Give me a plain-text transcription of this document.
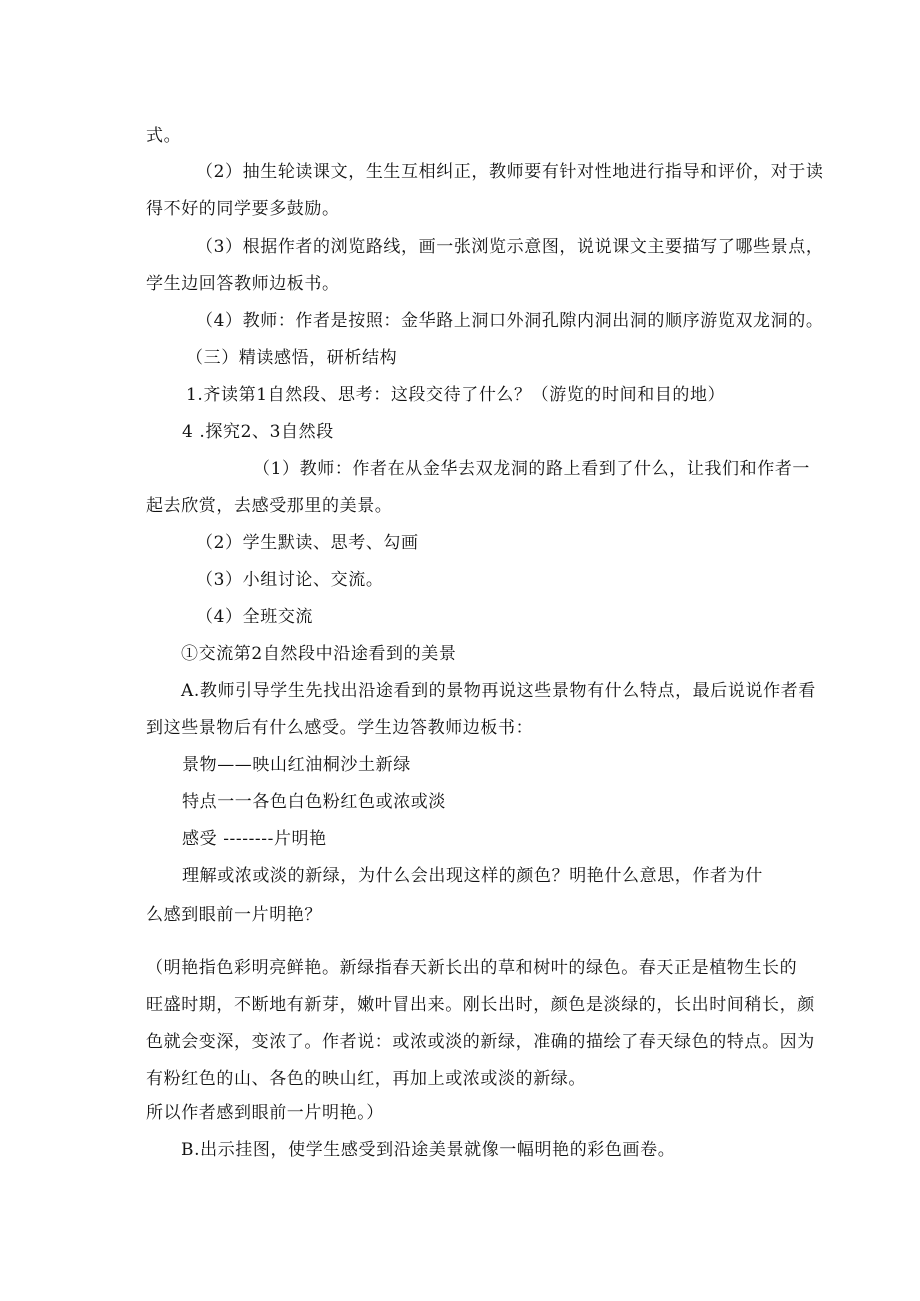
式。
（2）抽生轮读课文，生生互相纠正，教师要有针对性地进行指导和评价，对于读
得不好的同学要多鼓励。
（3）根据作者的浏览路线，画一张浏览示意图，说说课文主要描写了哪些景点，
学生边回答教师边板书。
（4）教师：作者是按照：金华路上洞口外洞孔隙内洞出洞的顺序游览双龙洞的。
（三）精读感悟，研析结构
1.齐读第1自然段、思考：这段交待了什么？（游览的时间和目的地）
4 .探究2、3自然段
（1）教师：作者在从金华去双龙洞的路上看到了什么，让我们和作者一
起去欣赏，去感受那里的美景。
（2）学生默读、思考、勾画
（3）小组讨论、交流。
（4）全班交流
①交流第2自然段中沿途看到的美景
A.教师引导学生先找出沿途看到的景物再说这些景物有什么特点，最后说说作者看
到这些景物后有什么感受。学生边答教师边板书：
景物——映山红油桐沙土新绿
特点一一各色白色粉红色或浓或淡
感受 --------片明艳
理解或浓或淡的新绿，为什么会出现这样的颜色？明艳什么意思，作者为什
么感到眼前一片明艳？
（明艳指色彩明亮鲜艳。新绿指春天新长出的草和树叶的绿色。春天正是植物生长的
旺盛时期，不断地有新芽，嫩叶冒出来。刚长出时，颜色是淡绿的，长出时间稍长，颜
色就会变深，变浓了。作者说：或浓或淡的新绿，准确的描绘了春天绿色的特点。因为
有粉红色的山、各色的映山红，再加上或浓或淡的新绿。
所以作者感到眼前一片明艳。）
B.出示挂图，使学生感受到沿途美景就像一幅明艳的彩色画卷。
